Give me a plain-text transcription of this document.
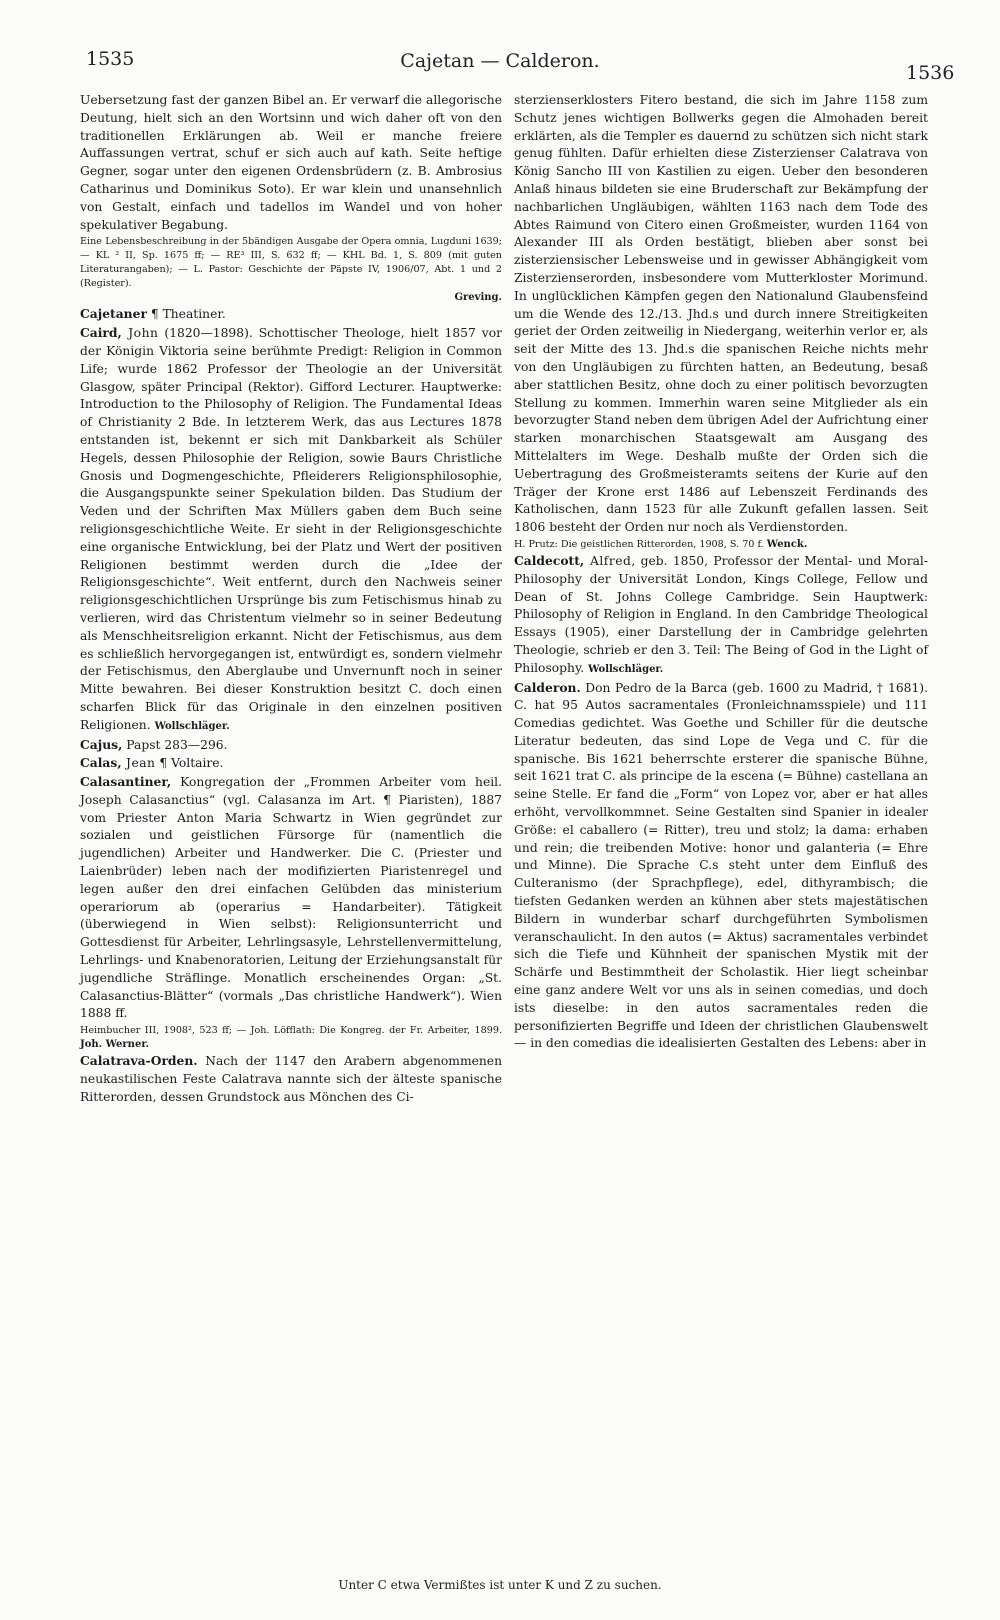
1535	Cajetan — Calderon.
1536

Uebersetzung fast der ganzen Bibel an. Er verwarf die allegorische Deutung, hielt sich an den Wortsinn und wich daher oft von den traditionellen Erklärungen ab. Weil er manche freiere Auffassungen vertrat, schuf er sich auch auf kath. Seite heftige Gegner, sogar unter den eigenen Ordensbrüdern (z. B. Ambrosius Catharinus und Dominikus Soto). Er war klein und unansehnlich von Gestalt, einfach und tadellos im Wandel und von hoher spekulativer Begabung.

Eine Lebensbeschreibung in der 5bändigen Ausgabe der Opera omnia, Lugduni 1639; — KL ² II, Sp. 1675 ff; — RE³ III, S. 632 ff; — KHL Bd. 1, S. 809 (mit guten Literaturangaben); — L. Pastor: Geschichte der Päpste IV, 1906/07, Abt. 1 und 2 (Register).
Greving.

Cajetaner ¶ Theatiner.

Caird, John (1820—1898). Schottischer Theologe, hielt 1857 vor der Königin Viktoria seine berühmte Predigt: Religion in Common Life; wurde 1862 Professor der Theologie an der Universität Glasgow, später Principal (Rektor). Gifford Lecturer. Hauptwerke: Introduction to the Philosophy of Religion. The Fundamental Ideas of Christianity 2 Bde. In letzterem Werk, das aus Lectures 1878 entstanden ist, bekennt er sich mit Dankbarkeit als Schüler Hegels, dessen Philosophie der Religion, sowie Baurs Christliche Gnosis und Dogmengeschichte, Pfleiderers Religionsphilosophie, die Ausgangspunkte seiner Spekulation bilden. Das Studium der Veden und der Schriften Max Müllers gaben dem Buch seine religionsgeschichtliche Weite. Er sieht in der Religionsgeschichte eine organische Entwicklung, bei der Platz und Wert der positiven Religionen bestimmt werden durch die „Idee der Religionsgeschichte“. Weit entfernt, durch den Nachweis seiner religionsgeschichtlichen Ursprünge bis zum Fetischismus hinab zu verlieren, wird das Christentum vielmehr so in seiner Bedeutung als Menschheitsreligion erkannt. Nicht der Fetischismus, aus dem es schließlich hervorgegangen ist, entwürdigt es, sondern vielmehr der Fetischismus, den Aberglaube und Unvernunft noch in seiner Mitte bewahren. Bei dieser Konstruktion besitzt C. doch einen scharfen Blick für das Originale in den einzelnen positiven Religionen. Wollschläger.

Cajus, Papst 283—296.

Calas, Jean ¶ Voltaire.

Calasantiner, Kongregation der „Frommen Arbeiter vom heil. Joseph Calasanctius“ (vgl. Calasanza im Art. ¶ Piaristen), 1887 vom Priester Anton Maria Schwartz in Wien gegründet zur sozialen und geistlichen Fürsorge für (namentlich die jugendlichen) Arbeiter und Handwerker. Die C. (Priester und Laienbrüder) leben nach der modifizierten Piaristenregel und legen außer den drei einfachen Gelübden das ministerium operariorum ab (operarius = Handarbeiter). Tätigkeit (überwiegend in Wien selbst): Religionsunterricht und Gottesdienst für Arbeiter, Lehrlingsasyle, Lehrstellenvermittelung, Lehrlings- und Knabenoratorien, Leitung der Erziehungsanstalt für jugendliche Sträflinge. Monatlich erscheinendes Organ: „St. Calasanctius-Blätter“ (vormals „Das christliche Handwerk“). Wien 1888 ff.

Heimbucher III, 1908², 523 ff; — Joh. Löfflath: Die Kongreg. der Fr. Arbeiter, 1899. Joh. Werner.

Calatrava-Orden. Nach der 1147 den Arabern abgenommenen neukastilischen Feste Calatrava nannte sich der älteste spanische Ritterorden, dessen Grundstock aus Mönchen des Ci-

sterzienserklosters Fitero bestand, die sich im Jahre 1158 zum Schutz jenes wichtigen Bollwerks gegen die Almohaden bereit erklärten, als die Templer es dauernd zu schützen sich nicht stark genug fühlten. Dafür erhielten diese Zisterzienser Calatrava von König Sancho III von Kastilien zu eigen. Ueber den besonderen Anlaß hinaus bildeten sie eine Bruderschaft zur Bekämpfung der nachbarlichen Ungläubigen, wählten 1163 nach dem Tode des Abtes Raimund von Citero einen Großmeister, wurden 1164 von Alexander III als Orden bestätigt, blieben aber sonst bei zisterziensischer Lebensweise und in gewisser Abhängigkeit vom Zisterzienserorden, insbesondere vom Mutterkloster Morimund. In unglücklichen Kämpfen gegen den Nationalund Glaubensfeind um die Wende des 12./13. Jhd.s und durch innere Streitigkeiten geriet der Orden zeitweilig in Niedergang, weiterhin verlor er, als seit der Mitte des 13. Jhd.s die spanischen Reiche nichts mehr von den Ungläubigen zu fürchten hatten, an Bedeutung, besaß aber stattlichen Besitz, ohne doch zu einer politisch bevorzugten Stellung zu kommen. Immerhin waren seine Mitglieder als ein bevorzugter Stand neben dem übrigen Adel der Aufrichtung einer starken monarchischen Staatsgewalt am Ausgang des Mittelalters im Wege. Deshalb mußte der Orden sich die Uebertragung des Großmeisteramts seitens der Kurie auf den Träger der Krone erst 1486 auf Lebenszeit Ferdinands des Katholischen, dann 1523 für alle Zukunft gefallen lassen. Seit 1806 besteht der Orden nur noch als Verdienstorden.

H. Prutz: Die geistlichen Ritterorden, 1908, S. 70 f. Wenck.

Caldecott, Alfred, geb. 1850, Professor der Mental- und Moral-Philosophy der Universität London, Kings College, Fellow und Dean of St. Johns College Cambridge. Sein Hauptwerk: Philosophy of Religion in England. In den Cambridge Theological Essays (1905), einer Darstellung der in Cambridge gelehrten Theologie, schrieb er den 3. Teil: The Being of God in the Light of Philosophy. Wollschläger.

Calderon. Don Pedro de la Barca (geb. 1600 zu Madrid, † 1681). C. hat 95 Autos sacramentales (Fronleichnamsspiele) und 111 Comedias gedichtet. Was Goethe und Schiller für die deutsche Literatur bedeuten, das sind Lope de Vega und C. für die spanische. Bis 1621 beherrschte ersterer die spanische Bühne, seit 1621 trat C. als principe de la escena (= Bühne) castellana an seine Stelle. Er fand die „Form“ von Lopez vor, aber er hat alles erhöht, vervollkommnet. Seine Gestalten sind Spanier in idealer Größe: el caballero (= Ritter), treu und stolz; la dama: erhaben und rein; die treibenden Motive: honor und galanteria (= Ehre und Minne). Die Sprache C.s steht unter dem Einfluß des Culteranismo (der Sprachpflege), edel, dithyrambisch; die tiefsten Gedanken werden an kühnen aber stets majestätischen Bildern in wunderbar scharf durchgeführten Symbolismen veranschaulicht. In den autos (= Aktus) sacramentales verbindet sich die Tiefe und Kühnheit der spanischen Mystik mit der Schärfe und Bestimmtheit der Scholastik. Hier liegt scheinbar eine ganz andere Welt vor uns als in seinen comedias, und doch ists dieselbe: in den autos sacramentales reden die personifizierten Begriffe und Ideen der christlichen Glaubenswelt — in den comedias die idealisierten Gestalten des Lebens: aber in

Unter C etwa Vermißtes ist unter K und Z zu suchen.
